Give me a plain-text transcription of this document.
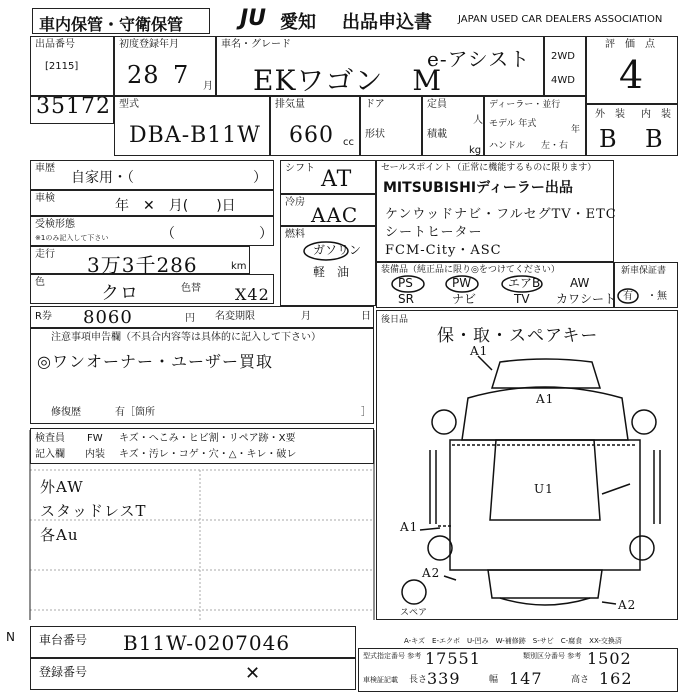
車内保管・守衛保管	JU 愛知 出品申込書	JAPAN USED CAR DEALERS ASSOCIATION
出品番号
[2115]
35172
初度登録年月
28 7 月
車名・グレード
EKワゴン　M
e-アシスト 2WD
4WD
評　価　点
4
外　装 内　装
B B
型式
DBA-B11W
排気量
660 cc
ドア
形状
定員
人
積載
kg
ディーラー・並行
モデル 年式
年
ハンドル 左・右
車歴
自家用・（	）
車検	年　✕　月(　　)日
受検形態
※1のみ記入して下さい	（　　　　　　）
走行 3万3千286	km
色
クロ	色替 X42
シフト AT
冷房
AAC
燃料
ガソリン
軽　油
セールスポイント（正常に機能するものに限ります）
MITSUBISHIディーラー出品
ケンウッドナビ・フルセグTV・ETC
シートヒーター
FCM-City・ASC
装備品（純正品に限り◎をつけてください）
PS	PW	エアB AW
SR	ナビ	TV カワシート
新車保証書
有 ・無
R券 8060	円 名変期限	月	日
注意事項申告欄（不具合内容等は具体的に記入して下さい）
◎ワンオーナー・ユーザー買取
修復歴	有［箇所	］
検査員
記入欄
FW キズ・へこみ・ヒビ割・リペア跡・X要
内装 キズ・汚レ・コゲ・穴・△・キレ・破レ
外AW
スタッドレスT
各Au
後日品
保・取・スペアキー
A1
A1
U1
A1
A2
A2
スペア
A-キズ　E-エクボ　U-凹み　W-補修跡　S-サビ　C-腐食　XX-交換済
N 車台番号 B11W-0207046
登録番号	✕
型式指定番号 参考 17551	類別区分番号 参考 1502
車検証記載 長さ 339	幅 147	高さ 162
